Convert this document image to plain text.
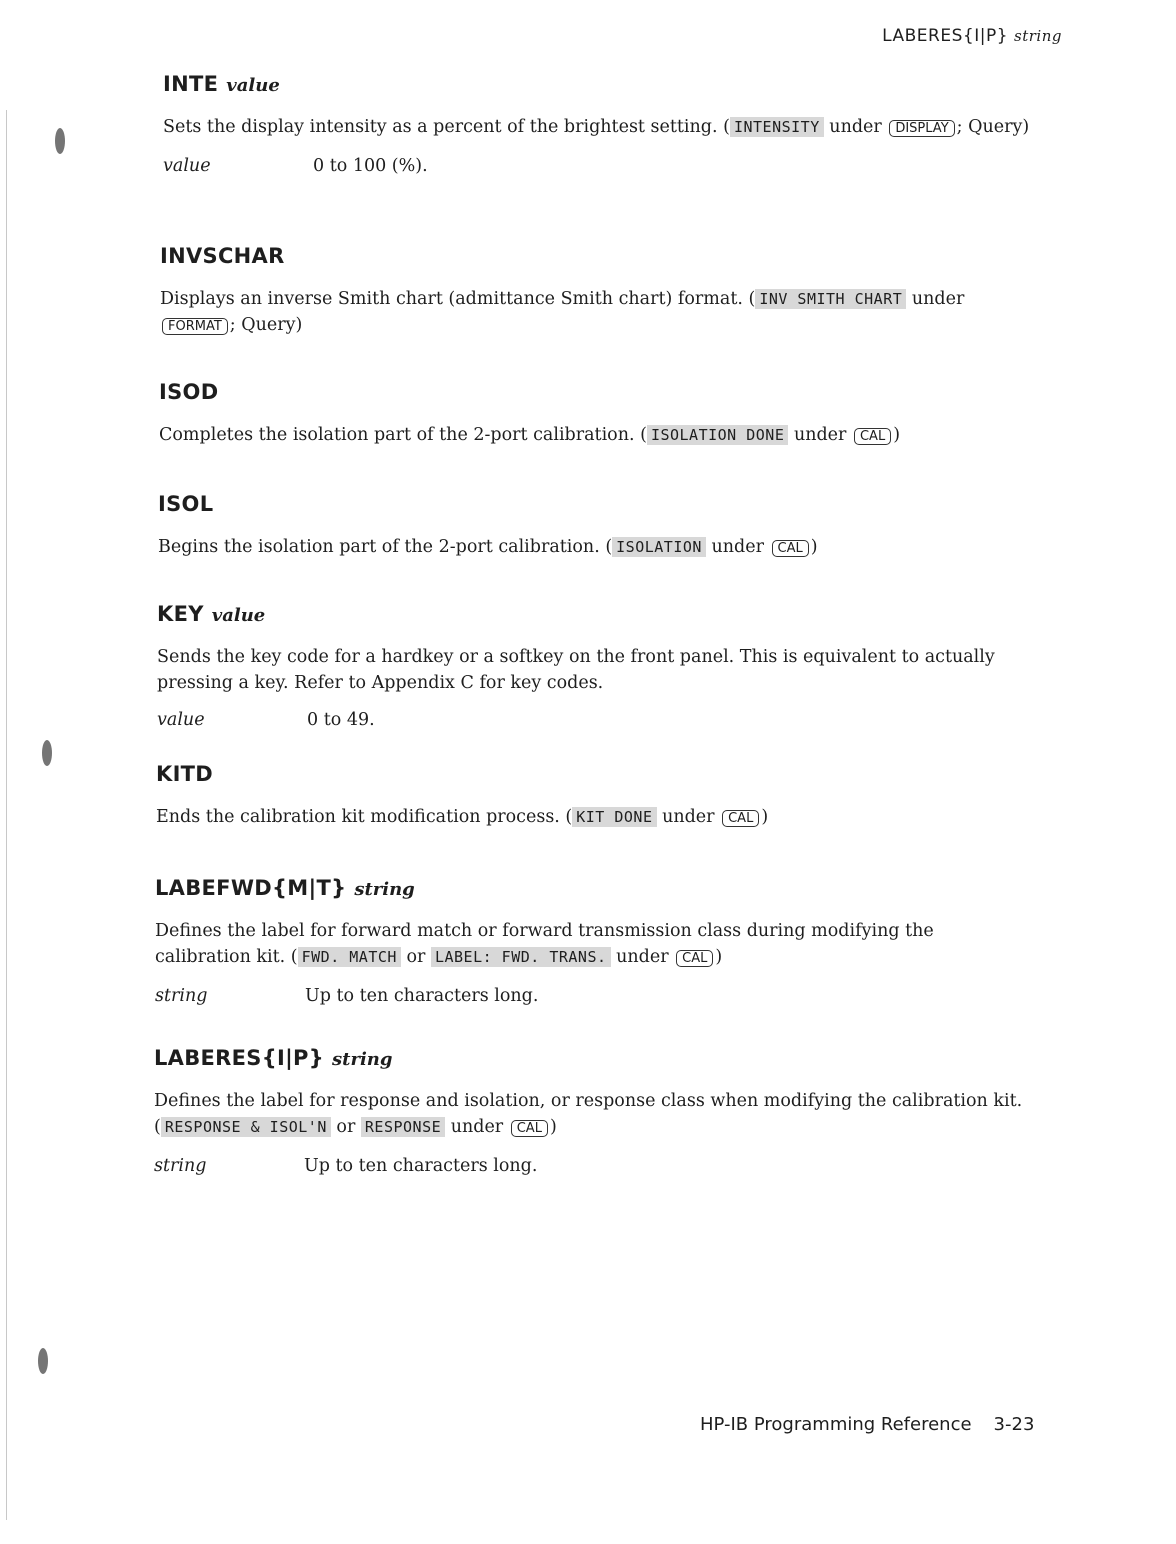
LABERES{I|P} string
INTE value

Sets the display intensity as a percent of the brightest setting. ( INTENSITY under DISPLAY ; Query)

value	0 to 100 (%).
INVSCHAR

Displays an inverse Smith chart (admittance Smith chart) format. ( INV SMITH CHART under FORMAT ; Query)

ISOD

Completes the isolation part of the 2-port calibration. ( ISOLATION DONE under CAL )

ISOL

Begins the isolation part of the 2-port calibration. ( ISOLATION under CAL )

KEY value

Sends the key code for a hardkey or a softkey on the front panel. This is equivalent to actually pressing a key. Refer to Appendix C for key codes.

value	0 to 49.
KITD

Ends the calibration kit modification process. ( KIT DONE under CAL )

LABEFWD{M|T} string

Defines the label for forward match or forward transmission class during modifying the calibration kit. ( FWD. MATCH or LABEL: FWD. TRANS. under CAL )

string	Up to ten characters long.
LABERES{I|P} string

Defines the label for response and isolation, or response class when modifying the calibration kit. ( RESPONSE & ISOL'N or RESPONSE under CAL )

string	Up to ten characters long.
HP-IB Programming Reference 3-23
